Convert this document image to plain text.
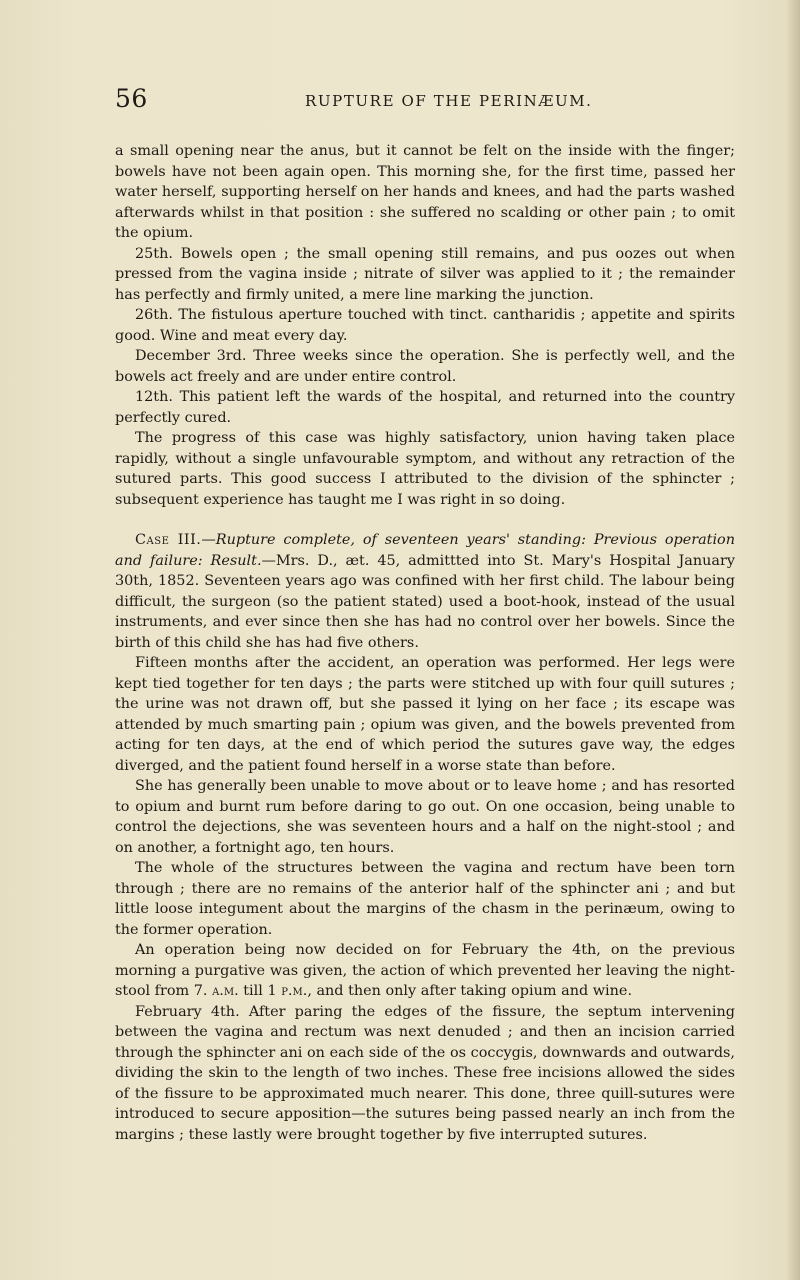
56	RUPTURE OF THE PERINÆUM.

a small opening near the anus, but it cannot be felt on the inside with the finger; bowels have not been again open. This morning she, for the first time, passed her water herself, supporting herself on her hands and knees, and had the parts washed afterwards whilst in that position : she suffered no scalding or other pain ; to omit the opium.

25th. Bowels open ; the small opening still remains, and pus oozes out when pressed from the vagina inside ; nitrate of silver was applied to it ; the remainder has perfectly and firmly united, a mere line marking the junction.

26th. The fistulous aperture touched with tinct. cantharidis ; appetite and spirits good. Wine and meat every day.

December 3rd. Three weeks since the operation. She is perfectly well, and the bowels act freely and are under entire control.

12th. This patient left the wards of the hospital, and returned into the country perfectly cured.

The progress of this case was highly satisfactory, union having taken place rapidly, without a single unfavourable symptom, and without any retraction of the sutured parts. This good success I attributed to the division of the sphincter ; subsequent experience has taught me I was right in so doing.

Case III.—Rupture complete, of seventeen years' standing: Previous operation and failure: Result.—Mrs. D., æt. 45, admittted into St. Mary's Hospital January 30th, 1852. Seventeen years ago was confined with her first child. The labour being difficult, the surgeon (so the patient stated) used a boot-hook, instead of the usual instruments, and ever since then she has had no control over her bowels. Since the birth of this child she has had five others.

Fifteen months after the accident, an operation was performed. Her legs were kept tied together for ten days ; the parts were stitched up with four quill sutures ; the urine was not drawn off, but she passed it lying on her face ; its escape was attended by much smarting pain ; opium was given, and the bowels prevented from acting for ten days, at the end of which period the sutures gave way, the edges diverged, and the patient found herself in a worse state than before.

She has generally been unable to move about or to leave home ; and has resorted to opium and burnt rum before daring to go out. On one occasion, being unable to control the dejections, she was seventeen hours and a half on the night-stool ; and on another, a fortnight ago, ten hours.

The whole of the structures between the vagina and rectum have been torn through ; there are no remains of the anterior half of the sphincter ani ; and but little loose integument about the margins of the chasm in the perinæum, owing to the former operation.

An operation being now decided on for February the 4th, on the previous morning a purgative was given, the action of which prevented her leaving the night-stool from 7. a.m. till 1 p.m., and then only after taking opium and wine.

February 4th. After paring the edges of the fissure, the septum intervening between the vagina and rectum was next denuded ; and then an incision carried through the sphincter ani on each side of the os coccygis, downwards and outwards, dividing the skin to the length of two inches. These free incisions allowed the sides of the fissure to be approximated much nearer. This done, three quill-sutures were introduced to secure apposition—the sutures being passed nearly an inch from the margins ; these lastly were brought together by five interrupted sutures.
